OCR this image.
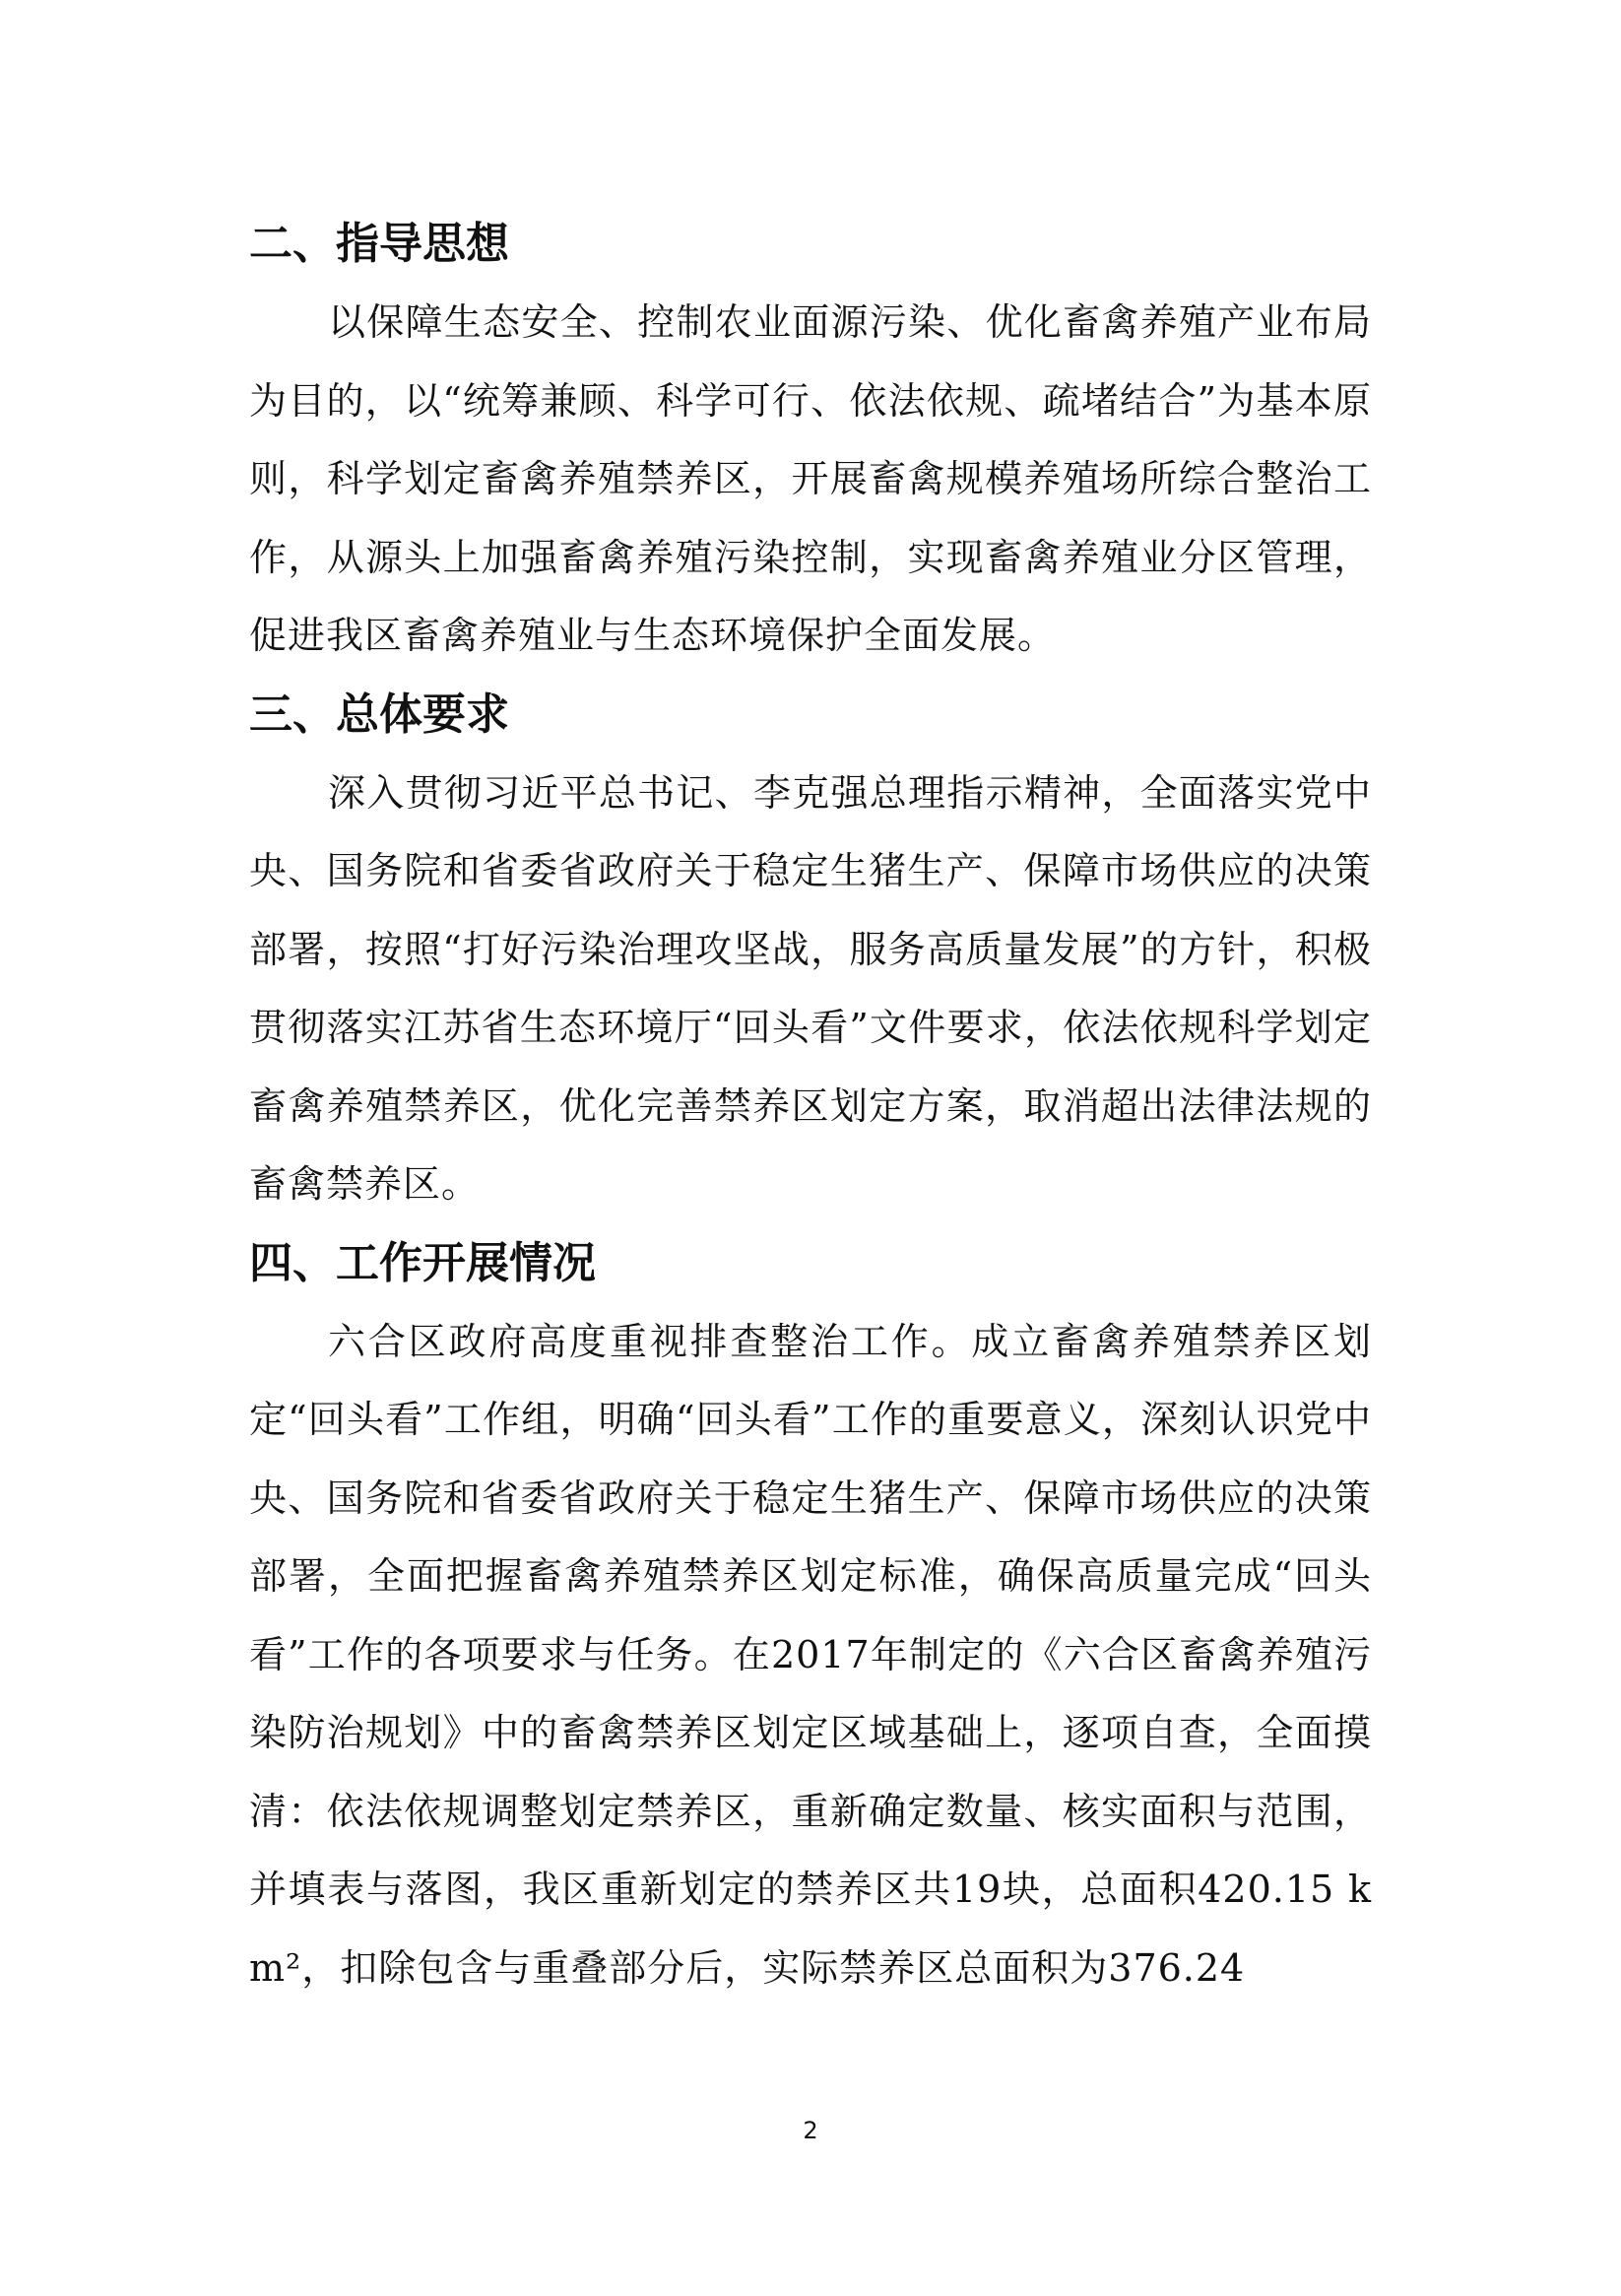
二、指导思想

以保障生态安全、控制农业面源污染、优化畜禽养殖产业布局为目的，以“统筹兼顾、科学可行、依法依规、疏堵结合”为基本原则，科学划定畜禽养殖禁养区，开展畜禽规模养殖场所综合整治工作，从源头上加强畜禽养殖污染控制，实现畜禽养殖业分区管理，促进我区畜禽养殖业与生态环境保护全面发展。

三、总体要求

深入贯彻习近平总书记、李克强总理指示精神，全面落实党中央、国务院和省委省政府关于稳定生猪生产、保障市场供应的决策部署，按照“打好污染治理攻坚战，服务高质量发展”的方针，积极贯彻落实江苏省生态环境厅“回头看”文件要求，依法依规科学划定畜禽养殖禁养区，优化完善禁养区划定方案，取消超出法律法规的畜禽禁养区。

四、工作开展情况

六合区政府高度重视排查整治工作。成立畜禽养殖禁养区划定“回头看”工作组，明确“回头看”工作的重要意义，深刻认识党中央、国务院和省委省政府关于稳定生猪生产、保障市场供应的决策部署，全面把握畜禽养殖禁养区划定标准，确保高质量完成“回头看”工作的各项要求与任务。在2017年制定的《六合区畜禽养殖污染防治规划》中的畜禽禁养区划定区域基础上，逐项自查，全面摸清：依法依规调整划定禁养区，重新确定数量、核实面积与范围，并填表与落图，我区重新划定的禁养区共19块，总面积420.15 km²，扣除包含与重叠部分后，实际禁养区总面积为376.24

2
